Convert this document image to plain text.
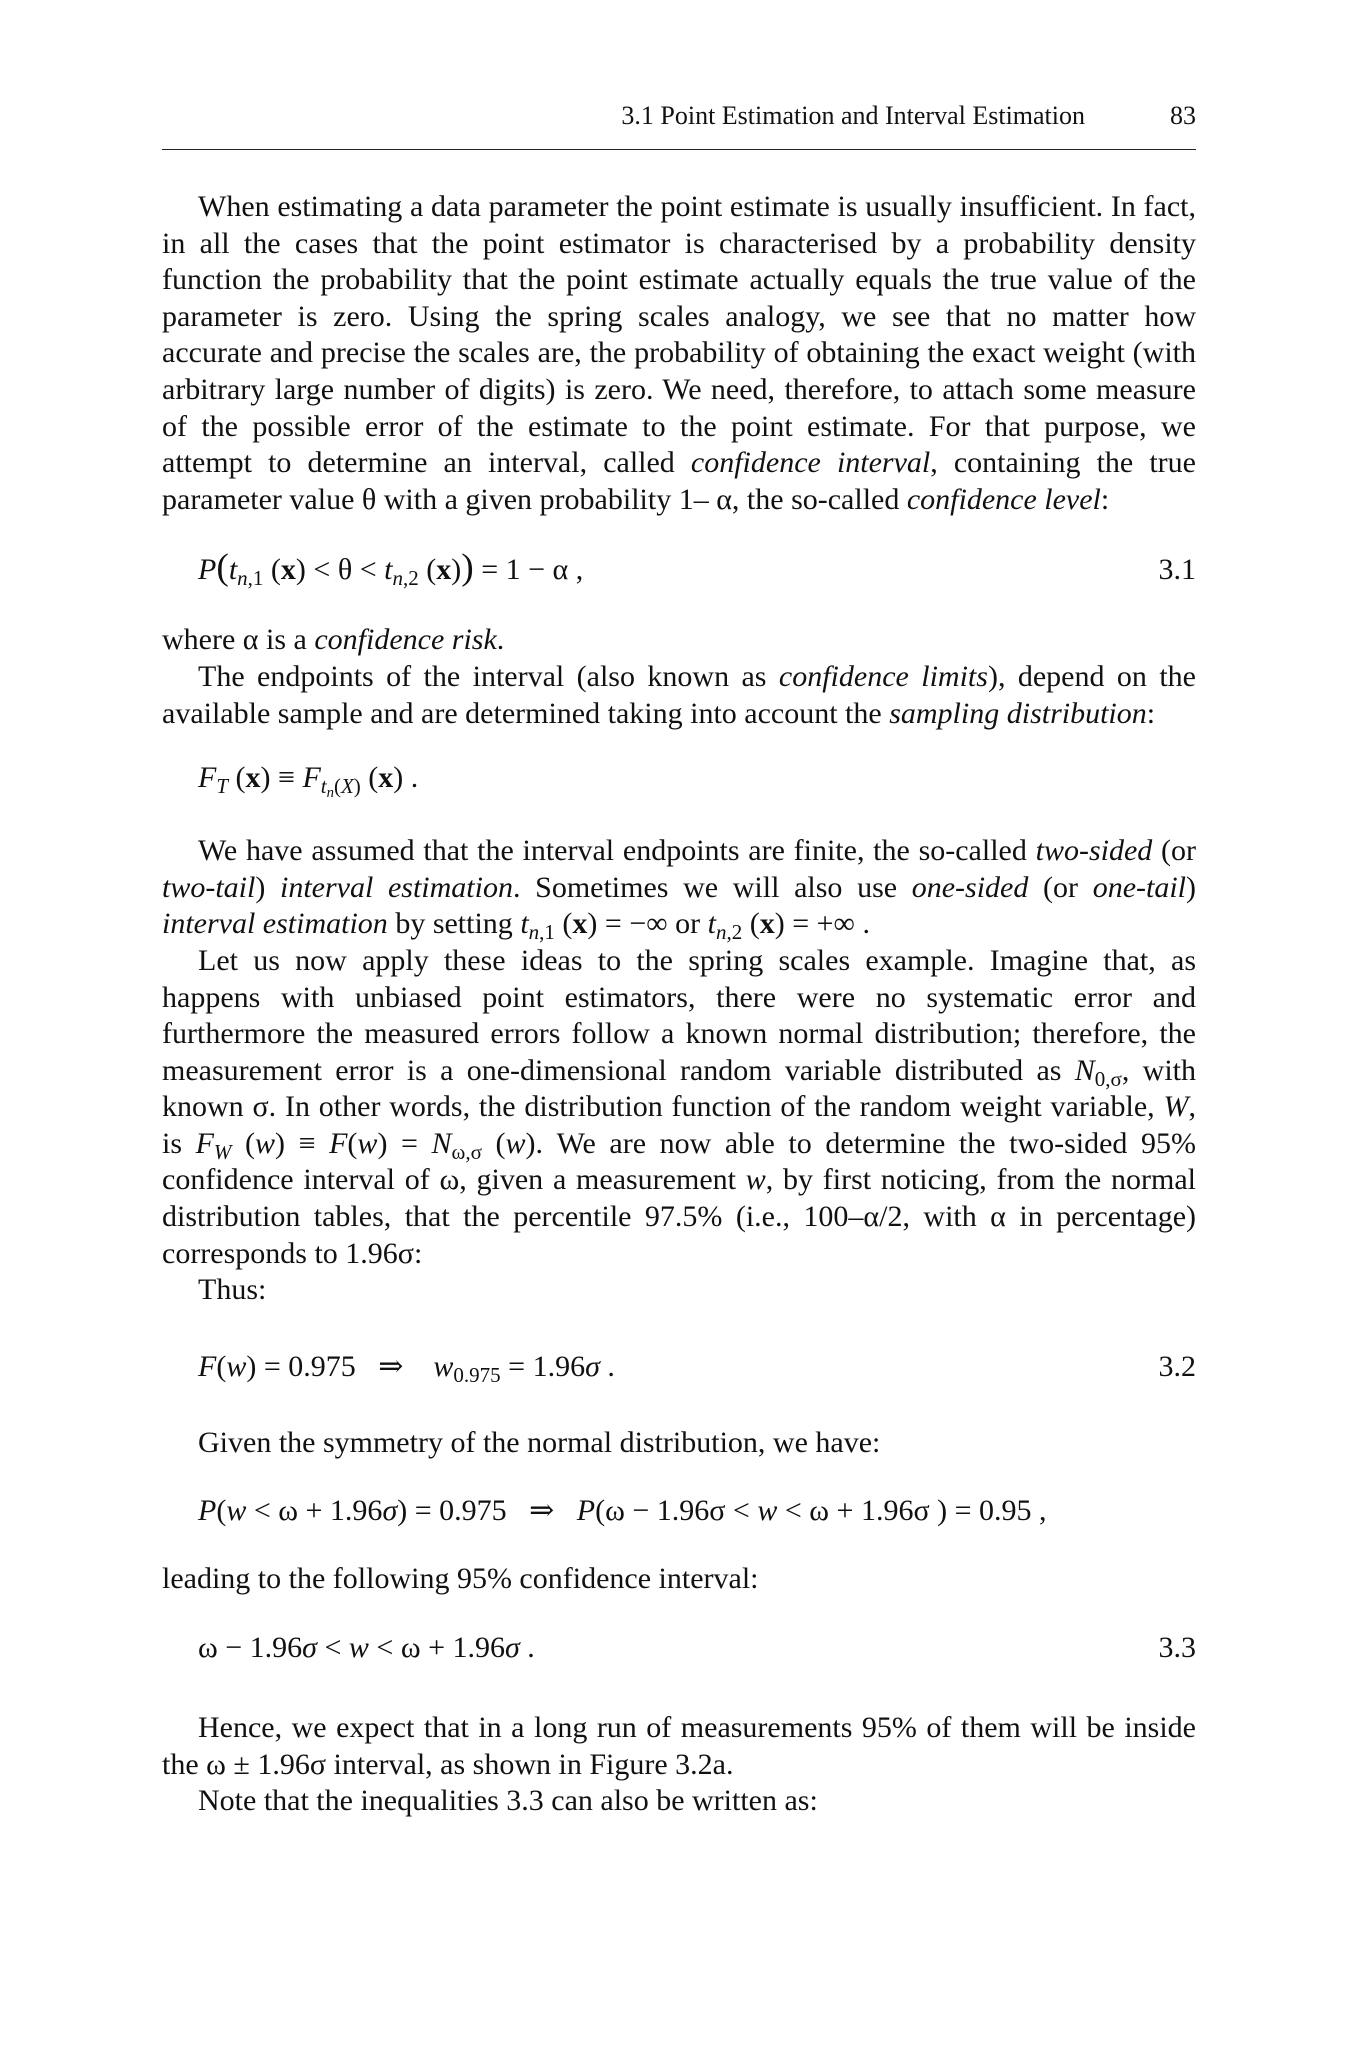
3.1 Point Estimation and Interval Estimation	83

When estimating a data parameter the point estimate is usually insufficient. In fact, in all the cases that the point estimator is characterised by a probability density function the probability that the point estimate actually equals the true value of the parameter is zero. Using the spring scales analogy, we see that no matter how accurate and precise the scales are, the probability of obtaining the exact weight (with arbitrary large number of digits) is zero. We need, therefore, to attach some measure of the possible error of the estimate to the point estimate. For that purpose, we attempt to determine an interval, called confidence interval, containing the true parameter value θ with a given probability 1– α, the so-called confidence level:

$P(t_{n,1}$ $(x) < \theta < t_{n,2}$ (x)) = 1 − α ,	3.1

where α is a confidence risk.

The endpoints of the interval (also known as confidence limits), depend on the available sample and are determined taking into account the sampling distribution:

$F_T$ $(x) \equiv F_{t_n(X)}$ (x) .

We have assumed that the interval endpoints are finite, the so-called two-sided (or two-tail) interval estimation. Sometimes we will also use one-sided (or one-tail) interval estimation by setting $t_{n,1}$ (x) = −∞ or $t_{n,2}$ (x) = +∞ .

Let us now apply these ideas to the spring scales example. Imagine that, as happens with unbiased point estimators, there were no systematic error and furthermore the measured errors follow a known normal distribution; therefore, the measurement error is a one-dimensional random variable distributed as $N_{0,\sigma}$, with known σ. In other words, the distribution function of the random weight variable, W, is $F_W$ $(w) \equiv F(w) = N_{\omega,\sigma}$ (w). We are now able to determine the two-sided 95% confidence interval of ω, given a measurement w, by first noticing, from the normal distribution tables, that the percentile 97.5% (i.e., 100–α/2, with α in percentage) corresponds to 1.96σ:

Thus:

F(w) = 0.975   ⇒    $w_{0.975} = 1.96\sigma$ .	3.2

Given the symmetry of the normal distribution, we have:

P(w < ω + 1.96σ) = 0.975   ⇒   P(ω − 1.96σ < w < ω + 1.96σ ) = 0.95 ,

leading to the following 95% confidence interval:

ω − 1.96σ < w < ω + 1.96σ .	3.3

Hence, we expect that in a long run of measurements 95% of them will be inside the ω ± 1.96σ interval, as shown in Figure 3.2a.

Note that the inequalities 3.3 can also be written as:
